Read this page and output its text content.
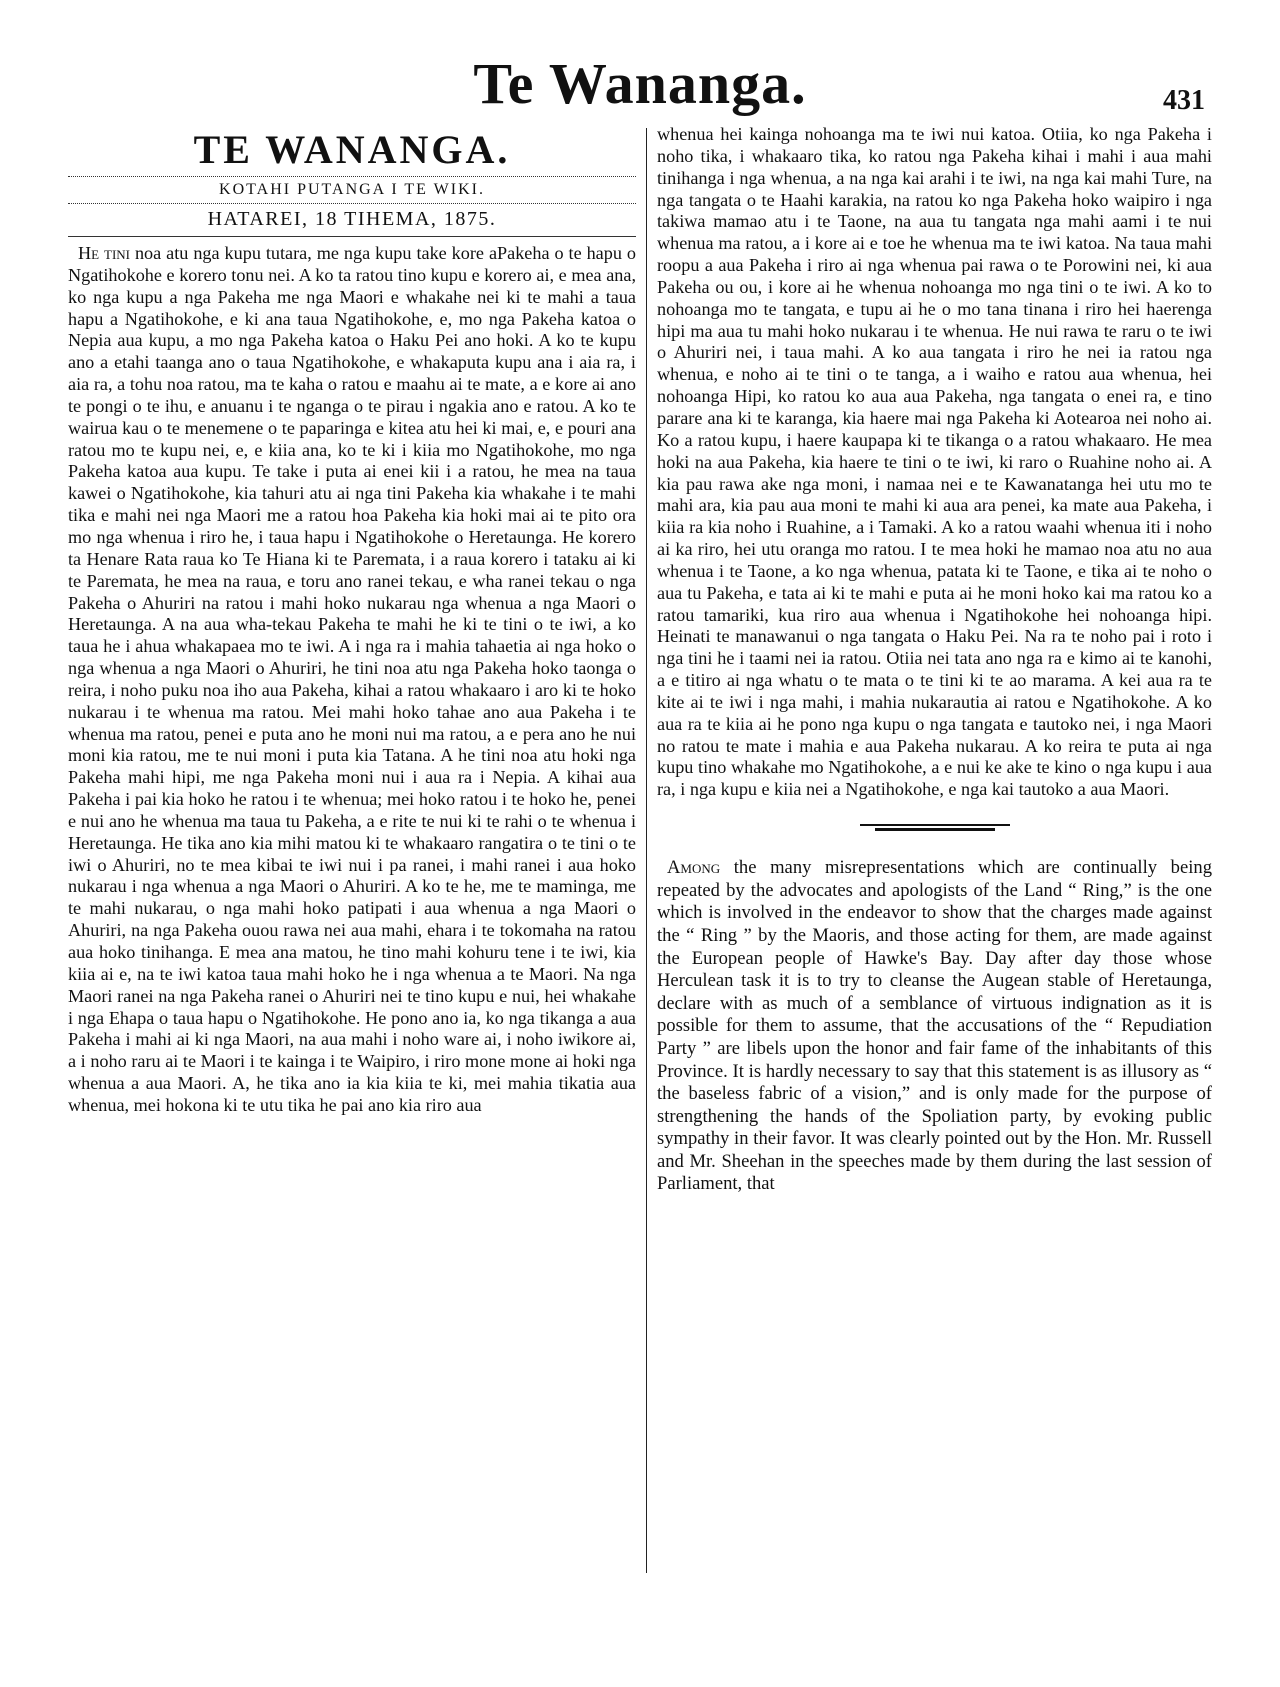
Te Wananga.	431
TE WANANGA.
KOTAHI PUTANGA I TE WIKI.
HATAREI, 18 TIHEMA, 1875.

He tini noa atu nga kupu tutara, me nga kupu take kore aPakeha o te hapu o Ngatihokohe e korero tonu nei. A ko ta ratou tino kupu e korero ai, e mea ana, ko nga kupu a nga Pakeha me nga Maori e whakahe nei ki te mahi a taua hapu a Ngatihokohe, e ki ana taua Ngatihokohe, e, mo nga Pakeha katoa o Nepia aua kupu, a mo nga Pakeha katoa o Haku Pei ano hoki. A ko te kupu ano a etahi taanga ano o taua Ngatihokohe, e whakaputa kupu ana i aia ra, i aia ra, a tohu noa ratou, ma te kaha o ratou e maahu ai te mate, a e kore ai ano te pongi o te ihu, e anuanu i te nganga o te pirau i ngakia ano e ratou. A ko te wairua kau o te menemene o te paparinga e kitea atu hei ki mai, e, e pouri ana ratou mo te kupu nei, e, e kiia ana, ko te ki i kiia mo Ngatihokohe, mo nga Pakeha katoa aua kupu. Te take i puta ai enei kii i a ratou, he mea na taua kawei o Ngatihokohe, kia tahuri atu ai nga tini Pakeha kia whakahe i te mahi tika e mahi nei nga Maori me a ratou hoa Pakeha kia hoki mai ai te pito ora mo nga whenua i riro he, i taua hapu i Ngatihokohe o Heretaunga. He korero ta Henare Rata raua ko Te Hiana ki te Paremata, i a raua korero i tataku ai ki te Paremata, he mea na raua, e toru ano ranei tekau, e wha ranei tekau o nga Pakeha o Ahuriri na ratou i mahi hoko nukarau nga whenua a nga Maori o Heretaunga. A na aua wha-tekau Pakeha te mahi he ki te tini o te iwi, a ko taua he i ahua whakapaea mo te iwi. A i nga ra i mahia tahaetia ai nga hoko o nga whenua a nga Maori o Ahuriri, he tini noa atu nga Pakeha hoko taonga o reira, i noho puku noa iho aua Pakeha, kihai a ratou whakaaro i aro ki te hoko nukarau i te whenua ma ratou. Mei mahi hoko tahae ano aua Pakeha i te whenua ma ratou, penei e puta ano he moni nui ma ratou, a e pera ano he nui moni kia ratou, me te nui moni i puta kia Tatana. A he tini noa atu hoki nga Pakeha mahi hipi, me nga Pakeha moni nui i aua ra i Nepia. A kihai aua Pakeha i pai kia hoko he ratou i te whenua; mei hoko ratou i te hoko he, penei e nui ano he whenua ma taua tu Pakeha, a e rite te nui ki te rahi o te whenua i Heretaunga. He tika ano kia mihi matou ki te whakaaro rangatira o te tini o te iwi o Ahuriri, no te mea kibai te iwi nui i pa ranei, i mahi ranei i aua hoko nukarau i nga whenua a nga Maori o Ahuriri. A ko te he, me te maminga, me te mahi nukarau, o nga mahi hoko patipati i aua whenua a nga Maori o Ahuriri, na nga Pakeha ouou rawa nei aua mahi, ehara i te tokomaha na ratou aua hoko tinihanga. E mea ana matou, he tino mahi kohuru tene i te iwi, kia kiia ai e, na te iwi katoa taua mahi hoko he i nga whenua a te Maori. Na nga Maori ranei na nga Pakeha ranei o Ahuriri nei te tino kupu e nui, hei whakahe i nga Ehapa o taua hapu o Ngatihokohe. He pono ano ia, ko nga tikanga a aua Pakeha i mahi ai ki nga Maori, na aua mahi i noho ware ai, i noho iwikore ai, a i noho raru ai te Maori i te kainga i te Waipiro, i riro mone mone ai hoki nga whenua a aua Maori. A, he tika ano ia kia kiia te ki, mei mahia tikatia aua whenua, mei hokona ki te utu tika he pai ano kia riro aua

whenua hei kainga nohoanga ma te iwi nui katoa. Otiia, ko nga Pakeha i noho tika, i whakaaro tika, ko ratou nga Pakeha kihai i mahi i aua mahi tinihanga i nga whenua, a na nga kai arahi i te iwi, na nga kai mahi Ture, na nga tangata o te Haahi karakia, na ratou ko nga Pakeha hoko waipiro i nga takiwa mamao atu i te Taone, na aua tu tangata nga mahi aami i te nui whenua ma ratou, a i kore ai e toe he whenua ma te iwi katoa. Na taua mahi roopu a aua Pakeha i riro ai nga whenua pai rawa o te Porowini nei, ki aua Pakeha ou ou, i kore ai he whenua nohoanga mo nga tini o te iwi. A ko to nohoanga mo te tangata, e tupu ai he o mo tana tinana i riro hei haerenga hipi ma aua tu mahi hoko nukarau i te whenua. He nui rawa te raru o te iwi o Ahuriri nei, i taua mahi. A ko aua tangata i riro he nei ia ratou nga whenua, e noho ai te tini o te tanga, a i waiho e ratou aua whenua, hei nohoanga Hipi, ko ratou ko aua aua Pakeha, nga tangata o enei ra, e tino parare ana ki te karanga, kia haere mai nga Pakeha ki Aotearoa nei noho ai. Ko a ratou kupu, i haere kaupapa ki te tikanga o a ratou whakaaro. He mea hoki na aua Pakeha, kia haere te tini o te iwi, ki raro o Ruahine noho ai. A kia pau rawa ake nga moni, i namaa nei e te Kawanatanga hei utu mo te mahi ara, kia pau aua moni te mahi ki aua ara penei, ka mate aua Pakeha, i kiia ra kia noho i Ruahine, a i Tamaki. A ko a ratou waahi whenua iti i noho ai ka riro, hei utu oranga mo ratou. I te mea hoki he mamao noa atu no aua whenua i te Taone, a ko nga whenua, patata ki te Taone, e tika ai te noho o aua tu Pakeha, e tata ai ki te mahi e puta ai he moni hoko kai ma ratou ko a ratou tamariki, kua riro aua whenua i Ngatihokohe hei nohoanga hipi. Heinati te manawanui o nga tangata o Haku Pei. Na ra te noho pai i roto i nga tini he i taami nei ia ratou. Otiia nei tata ano nga ra e kimo ai te kanohi, a e titiro ai nga whatu o te mata o te tini ki te ao marama. A kei aua ra te kite ai te iwi i nga mahi, i mahia nukarautia ai ratou e Ngatihokohe. A ko aua ra te kiia ai he pono nga kupu o nga tangata e tautoko nei, i nga Maori no ratou te mate i mahia e aua Pakeha nukarau. A ko reira te puta ai nga kupu tino whakahe mo Ngatihokohe, a e nui ke ake te kino o nga kupu i aua ra, i nga kupu e kiia nei a Ngatihokohe, e nga kai tautoko a aua Maori.

Among the many misrepresentations which are continually being repeated by the advocates and apologists of the Land “ Ring,” is the one which is involved in the endeavor to show that the charges made against the “ Ring ” by the Maoris, and those acting for them, are made against the European people of Hawke's Bay. Day after day those whose Herculean task it is to try to cleanse the Augean stable of Heretaunga, declare with as much of a semblance of virtuous indignation as it is possible for them to assume, that the accusations of the “ Repudiation Party ” are libels upon the honor and fair fame of the inhabitants of this Province. It is hardly necessary to say that this statement is as illusory as “ the baseless fabric of a vision,” and is only made for the purpose of strengthening the hands of the Spoliation party, by evoking public sympathy in their favor. It was clearly pointed out by the Hon. Mr. Russell and Mr. Sheehan in the speeches made by them during the last session of Parliament, that
